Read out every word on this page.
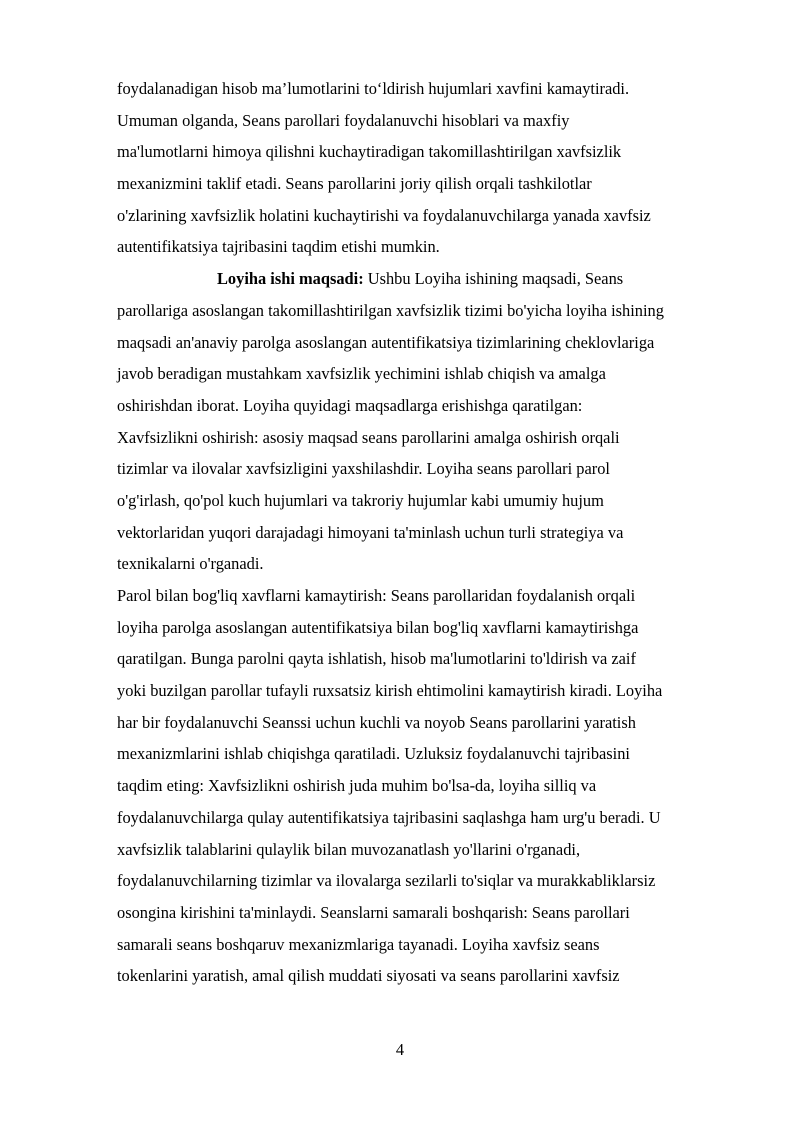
foydalanadigan hisob ma’lumotlarini to‘ldirish hujumlari xavfini kamaytiradi.
Umuman olganda, Seans parollari foydalanuvchi hisoblari va maxfiy
ma'lumotlarni himoya qilishni kuchaytiradigan takomillashtirilgan xavfsizlik
mexanizmini taklif etadi. Seans parollarini joriy qilish orqali tashkilotlar
o'zlarining xavfsizlik holatini kuchaytirishi va foydalanuvchilarga yanada xavfsiz
autentifikatsiya tajribasini taqdim etishi mumkin.
Loyiha ishi maqsadi: Ushbu Loyiha ishining maqsadi, Seans
parollariga asoslangan takomillashtirilgan xavfsizlik tizimi bo'yicha loyiha ishining
maqsadi an'anaviy parolga asoslangan autentifikatsiya tizimlarining cheklovlariga
javob beradigan mustahkam xavfsizlik yechimini ishlab chiqish va amalga
oshirishdan iborat. Loyiha quyidagi maqsadlarga erishishga qaratilgan:
Xavfsizlikni oshirish: asosiy maqsad seans parollarini amalga oshirish orqali
tizimlar va ilovalar xavfsizligini yaxshilashdir. Loyiha seans parollari parol
o'g'irlash, qo'pol kuch hujumlari va takroriy hujumlar kabi umumiy hujum
vektorlaridan yuqori darajadagi himoyani ta'minlash uchun turli strategiya va
texnikalarni o'rganadi.
Parol bilan bog'liq xavflarni kamaytirish: Seans parollaridan foydalanish orqali
loyiha parolga asoslangan autentifikatsiya bilan bog'liq xavflarni kamaytirishga
qaratilgan. Bunga parolni qayta ishlatish, hisob ma'lumotlarini to'ldirish va zaif
yoki buzilgan parollar tufayli ruxsatsiz kirish ehtimolini kamaytirish kiradi. Loyiha
har bir foydalanuvchi Seanssi uchun kuchli va noyob Seans parollarini yaratish
mexanizmlarini ishlab chiqishga qaratiladi. Uzluksiz foydalanuvchi tajribasini
taqdim eting: Xavfsizlikni oshirish juda muhim bo'lsa-da, loyiha silliq va
foydalanuvchilarga qulay autentifikatsiya tajribasini saqlashga ham urg'u beradi. U
xavfsizlik talablarini qulaylik bilan muvozanatlash yo'llarini o'rganadi,
foydalanuvchilarning tizimlar va ilovalarga sezilarli to'siqlar va murakkabliklarsiz
osongina kirishini ta'minlaydi. Seanslarni samarali boshqarish: Seans parollari
samarali seans boshqaruv mexanizmlariga tayanadi. Loyiha xavfsiz seans
tokenlarini yaratish, amal qilish muddati siyosati va seans parollarini xavfsiz
4
